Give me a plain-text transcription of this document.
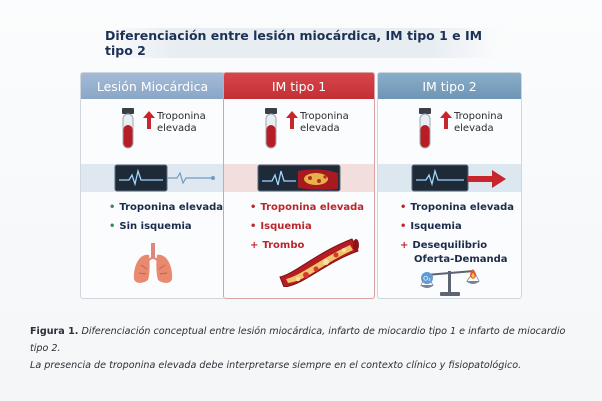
Diferenciación entre lesión miocárdica, IM tipo 1 e IM tipo 2
Lesión Miocárdica
Troponina
elevada
• Troponina elevada
• Sin isquemia
IM tipo 1
Troponina
elevada
• Troponina elevada
• Isquemia
+ Trombo
IM tipo 2
Troponina
elevada
• Troponina elevada
• Isquemia
+ Desequilibrio
Oferta-Demanda
O₂
Figura 1. Diferenciación conceptual entre lesión miocárdica, infarto de miocardio tipo 1 e infarto de miocardio tipo 2.
La presencia de troponina elevada debe interpretarse siempre en el contexto clínico y fisiopatológico.
